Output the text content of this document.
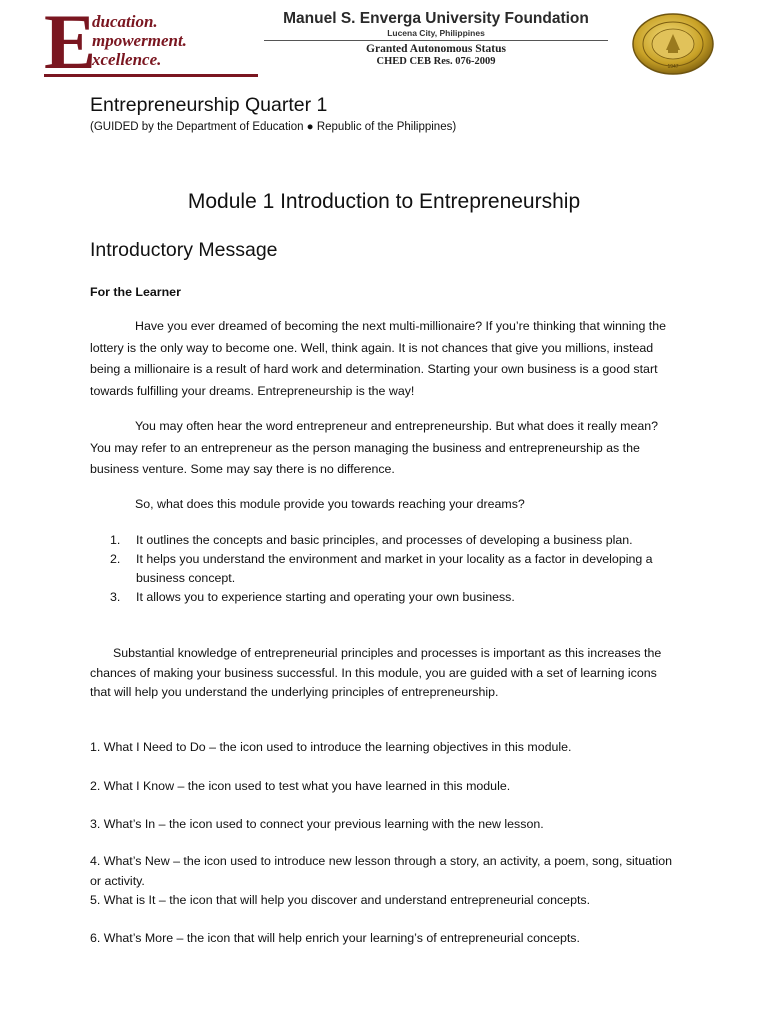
E
ducation.
mpowerment.
xcellence.
Manuel S. Enverga University Foundation
Lucena City, Philippines
Granted Autonomous Status
CHED CEB Res. 076-2009	1947
Entrepreneurship Quarter 1
(GUIDED by the Department of Education ● Republic of the Philippines)
Module 1 Introduction to Entrepreneurship
Introductory Message
For the Learner

Have you ever dreamed of becoming the next multi-millionaire? If you’re thinking that winning the lottery is the only way to become one. Well, think again. It is not chances that give you millions, instead being a millionaire is a result of hard work and determination. Starting your own business is a good start towards fulfilling your dreams. Entrepreneurship is the way!

You may often hear the word entrepreneur and entrepreneurship. But what does it really mean? You may refer to an entrepreneur as the person managing the business and entrepreneurship as the business venture. Some may say there is no difference.

So, what does this module provide you towards reaching your dreams?

1. It outlines the concepts and basic principles, and processes of developing a business plan.
2. It helps you understand the environment and market in your locality as a factor in developing a business concept.
3. It allows you to experience starting and operating your own business.

Substantial knowledge of entrepreneurial principles and processes is important as this increases the chances of making your business successful. In this module, you are guided with a set of learning icons that will help you understand the underlying principles of entrepreneurship.

1. What I Need to Do – the icon used to introduce the learning objectives in this module.

2. What I Know – the icon used to test what you have learned in this module.

3. What’s In – the icon used to connect your previous learning with the new lesson.

4. What’s New – the icon used to introduce new lesson through a story, an activity, a poem, song, situation or activity.

5. What is It – the icon that will help you discover and understand entrepreneurial concepts.

6. What’s More – the icon that will help enrich your learning’s of entrepreneurial concepts.
